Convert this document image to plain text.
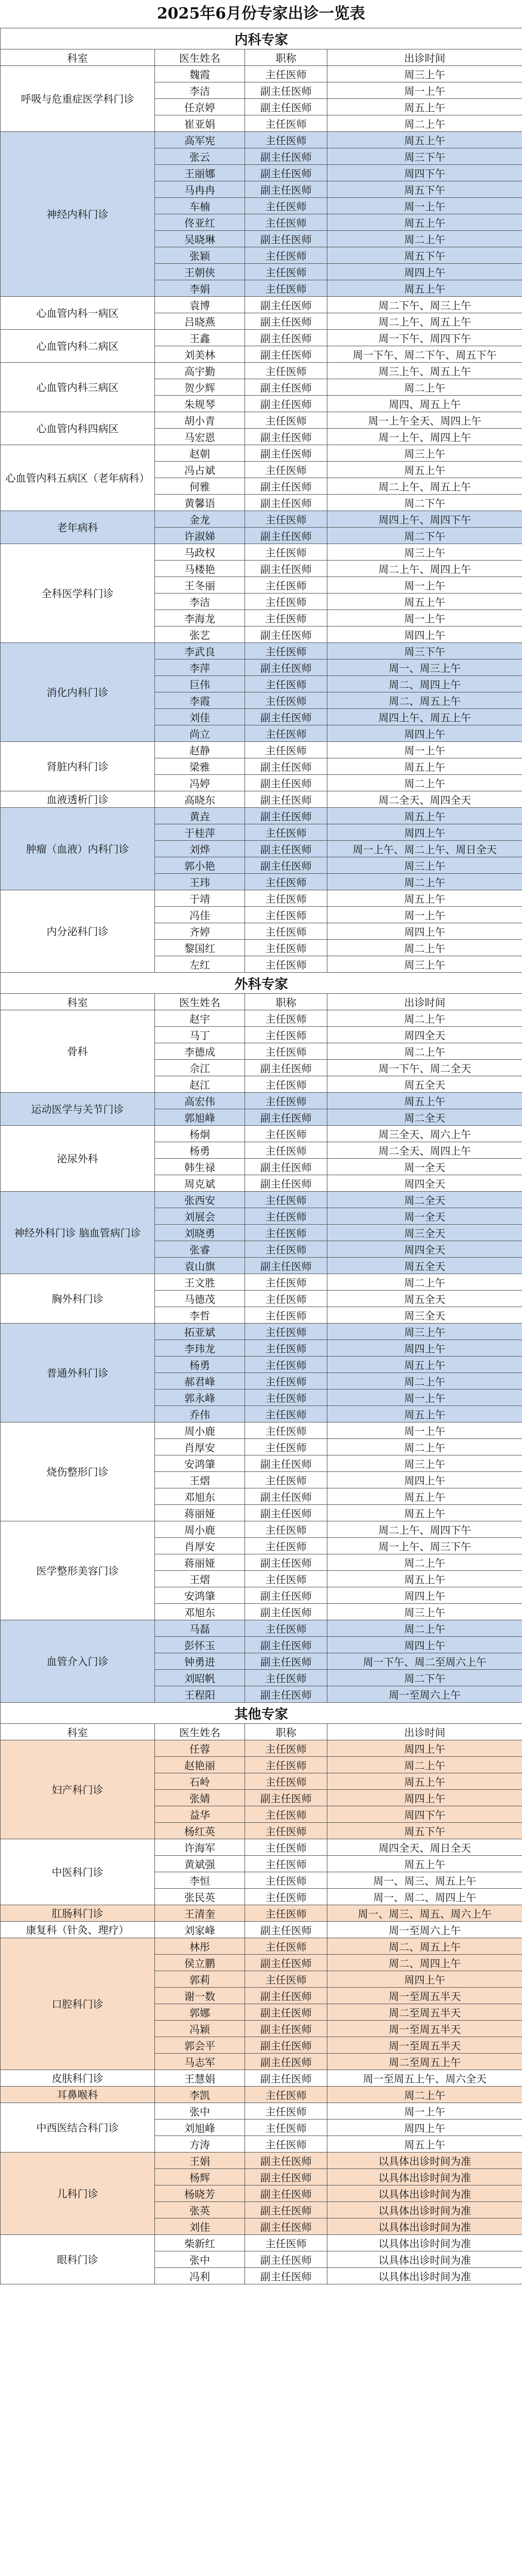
2025年6月份专家出诊一览表
内科专家			
科室	医生姓名	职称	出诊时间
呼吸与危重症医学科门诊	魏霞	主任医师	周三上午
	李洁	副主任医师	周一上午
	任京婷	副主任医师	周五上午
	崔亚娟	主任医师	周二上午
神经内科门诊	高军宪	主任医师	周五上午
	张云	副主任医师	周三下午
	王丽娜	副主任医师	周四下午
	马冉冉	副主任医师	周五下午
	车楠	主任医师	周一上午
	佟亚红	主任医师	周五上午
	吴晓琳	副主任医师	周二上午
	张颖	主任医师	周五下午
	王朝侠	主任医师	周四上午
	李娟	主任医师	周五上午
心血管内科一病区	袁博	副主任医师	周二下午、周三上午
	吕晓燕	副主任医师	周二上午、周五上午
心血管内科二病区	王鑫	副主任医师	周一下午、周四下午
	刘美林	副主任医师	周一下午、周二下午、周五下午
心血管内科三病区	高宇勤	主任医师	周三上午、周五上午
	贺少辉	副主任医师	周二上午
	朱规琴	副主任医师	周四、周五上午
心血管内科四病区	胡小青	主任医师	周一上午全天、周四上午
	马宏恩	副主任医师	周一上午、周四上午
心血管内科五病区（老年病科）	赵朝	副主任医师	周三上午
	冯占斌	主任医师	周五上午
	何雅	副主任医师	周二上午、周五上午
	黄馨语	副主任医师	周二下午
老年病科	金龙	主任医师	周四上午、周四下午
	许淑娣	副主任医师	周二下午
全科医学科门诊	马政权	主任医师	周三上午
	马楼艳	副主任医师	周二上午、周四上午
	王冬丽	主任医师	周一上午
	李洁	主任医师	周五上午
	李海龙	主任医师	周一上午
	张艺	副主任医师	周四上午
消化内科门诊	李武良	主任医师	周三下午
	李萍	副主任医师	周一、周三上午
	巨伟	主任医师	周二、周四上午
	李霞	主任医师	周二、周五上午
	刘佳	副主任医师	周四上午、周五上午
	尚立	主任医师	周四上午
肾脏内科门诊	赵静	主任医师	周一上午
	梁雅	副主任医师	周五上午
	冯婷	副主任医师	周二上午
血液透析门诊	高晓东	副主任医师	周二全天、周四全天
肿瘤（血液）内科门诊	黄垚	副主任医师	周五上午
	于桂萍	主任医师	周四上午
	刘烨	副主任医师	周一上午、周二上午、周日全天
	郭小艳	副主任医师	周三上午
	王玮	主任医师	周二上午
内分泌科门诊	于靖	主任医师	周五上午
	冯佳	主任医师	周一上午
	齐婷	主任医师	周四上午
	黎国红	主任医师	周二上午
	左红	主任医师	周三上午
外科专家			
科室	医生姓名	职称	出诊时间
骨科	赵宇	主任医师	周二上午
	马丁	主任医师	周四全天
	李德成	主任医师	周二上午
	佘江	副主任医师	周一下午、周二全天
	赵江	主任医师	周五全天
运动医学与关节门诊	高宏伟	主任医师	周五上午
	郭旭峰	副主任医师	周二全天
泌尿外科	杨炯	主任医师	周三全天、周六上午
	杨勇	主任医师	周二全天、周四上午
	韩生禄	副主任医师	周一全天
	周克斌	副主任医师	周四全天
神经外科门诊 脑血管病门诊	张西安	主任医师	周二全天
	刘展会	主任医师	周一全天
	刘晓勇	主任医师	周三全天
	张睿	主任医师	周四全天
	袁山旗	副主任医师	周五全天
胸外科门诊	王文胜	主任医师	周二上午
	马德茂	主任医师	周五全天
	李哲	主任医师	周三全天
普通外科门诊	拓亚斌	主任医师	周三上午
	李玮龙	主任医师	周四上午
	杨勇	主任医师	周五上午
	郝君峰	主任医师	周二上午
	郭永峰	主任医师	周一上午
	乔伟	主任医师	周五上午
烧伤整形门诊	周小鹿	主任医师	周一上午
	肖厚安	主任医师	周二上午
	安鸿肇	副主任医师	周三上午
	王熠	主任医师	周四上午
	邓旭东	副主任医师	周五上午
	蒋丽娅	副主任医师	周五上午
医学整形美容门诊	周小鹿	主任医师	周二上午、周四下午
	肖厚安	主任医师	周一上午、周三下午
	蒋丽娅	副主任医师	周二上午
	王熠	主任医师	周五上午
	安鸿肇	副主任医师	周四上午
	邓旭东	副主任医师	周三上午
血管介入门诊	马磊	主任医师	周二上午
	彭怀玉	副主任医师	周四上午
	钟勇进	副主任医师	周一下午、周二至周六上午
	刘昭帆	主任医师	周二下午
	王程阳	副主任医师	周一至周六上午
其他专家			
科室	医生姓名	职称	出诊时间
妇产科门诊	任蓉	主任医师	周四上午
	赵艳丽	主任医师	周二上午
	石岭	主任医师	周五上午
	张婧	副主任医师	周四上午
	益华	主任医师	周四下午
	杨红英	主任医师	周五下午
中医科门诊	许海军	主任医师	周四全天、周日全天
	黄斌强	主任医师	周五上午
	李恒	主任医师	周一、周三、周五上午
	张民英	主任医师	周一、周二、周四上午
肛肠科门诊	王清奎	主任医师	周一、周三、周五、周六上午
康复科（针灸、理疗）	刘家峰	副主任医师	周一至周六上午
口腔科门诊	林彤	主任医师	周二、周五上午
	侯立鹏	副主任医师	周二、周四上午
	郭莉	主任医师	周四上午
	谢一数	副主任医师	周一至周五半天
	郭娜	副主任医师	周二至周五半天
	冯颖	副主任医师	周一至周五半天
	郭会平	副主任医师	周一至周五半天
	马志军	副主任医师	周二至周五上午
皮肤科门诊	王慧娟	副主任医师	周一至周五上午、周六全天
耳鼻喉科	李凯	主任医师	周二上午
中西医结合科门诊	张中	主任医师	周一上午
	刘旭峰	主任医师	周四上午
	方涛	主任医师	周五上午
儿科门诊	王娟	副主任医师	以具体出诊时间为准
	杨辉	副主任医师	以具体出诊时间为准
	杨晓芳	副主任医师	以具体出诊时间为准
	张英	副主任医师	以具体出诊时间为准
	刘佳	副主任医师	以具体出诊时间为准
眼科门诊	柴新红	主任医师	以具体出诊时间为准
	张中	副主任医师	以具体出诊时间为准
	冯利	副主任医师	以具体出诊时间为准
